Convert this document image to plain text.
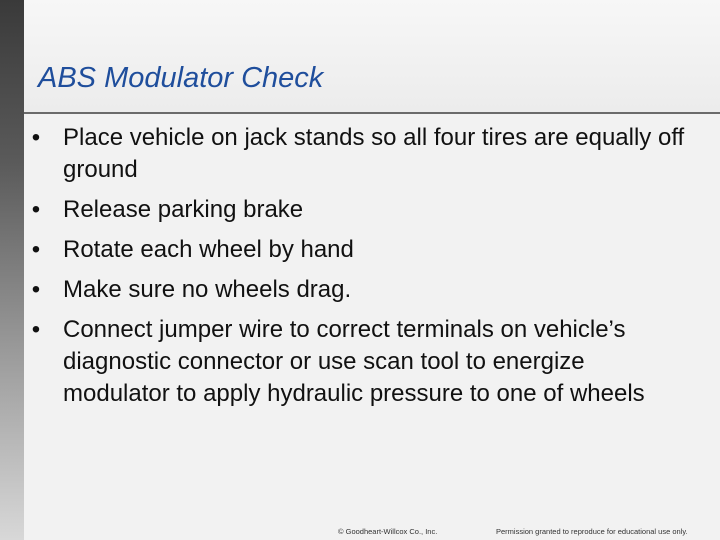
ABS Modulator Check
• Place vehicle on jack stands so all four tires are equally off ground
• Release parking brake
• Rotate each wheel by hand
• Make sure no wheels drag.
• Connect jumper wire to correct terminals on vehicle’s diagnostic connector or use scan tool to energize modulator to apply hydraulic pressure to one of wheels
© Goodheart-Willcox Co., Inc.	Permission granted to reproduce for educational use only.
